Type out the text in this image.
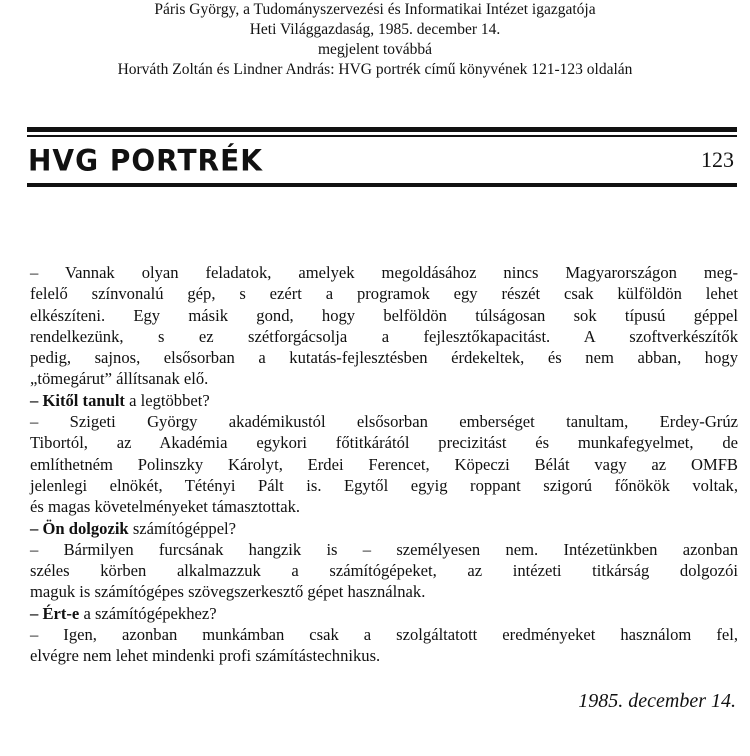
Páris György, a Tudományszervezési és Informatikai Intézet igazgatója
Heti Világgazdaság, 1985. december 14.
megjelent továbbá
Horváth Zoltán és Lindner András: HVG portrék című könyvének 121-123 oldalán
HVG PORTRÉK	123
– Vannak olyan feladatok, amelyek megoldásához nincs Magyarországon meg-
felelő színvonalú gép, s ezért a programok egy részét csak külföldön lehet
elkészíteni. Egy másik gond, hogy belföldön túlságosan sok típusú géppel
rendelkezünk, s ez szétforgácsolja a fejlesztőkapacitást. A szoftverkészítők
pedig, sajnos, elsősorban a kutatás-fejlesztésben érdekeltek, és nem abban, hogy
„tömegárut” állítsanak elő.
– Kitől tanult a legtöbbet?
– Szigeti György akadémikustól elsősorban emberséget tanultam, Erdey-Grúz
Tibortól, az Akadémia egykori főtitkárától precizitást és munkafegyelmet, de
említhetném Polinszky Károlyt, Erdei Ferencet, Köpeczi Bélát vagy az OMFB
jelenlegi elnökét, Tétényi Pált is. Egytől egyig roppant szigorú főnökök voltak,
és magas követelményeket támasztottak.
– Ön dolgozik számítógéppel?
– Bármilyen furcsának hangzik is – személyesen nem. Intézetünkben azonban
széles körben alkalmazzuk a számítógépeket, az intézeti titkárság dolgozói
maguk is számítógépes szövegszerkesztő gépet használnak.
– Ért-e a számítógépekhez?
– Igen, azonban munkámban csak a szolgáltatott eredményeket használom fel,
elvégre nem lehet mindenki profi számítástechnikus.
1985. december 14.
